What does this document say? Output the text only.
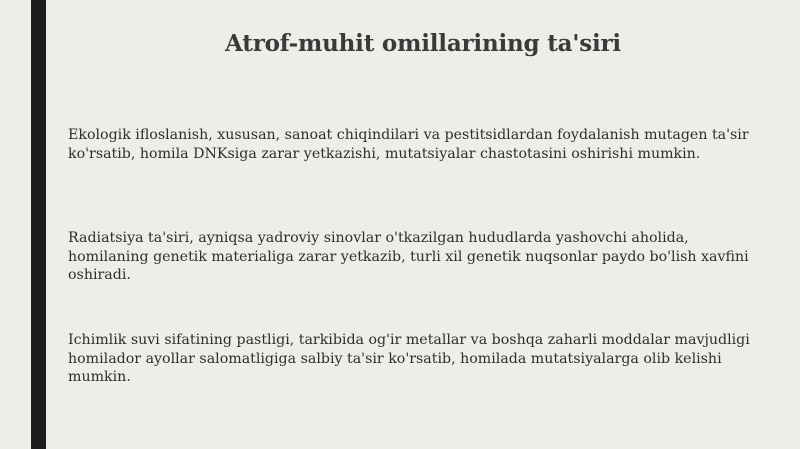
Atrof-muhit omillarining ta'siri

Ekologik ifloslanish, xususan, sanoat chiqindilari va pestitsidlardan foydalanish mutagen ta'sir ko'rsatib, homila DNKsiga zarar yetkazishi, mutatsiyalar chastotasini oshirishi mumkin.

Radiatsiya ta'siri, ayniqsa yadroviy sinovlar o'tkazilgan hududlarda yashovchi aholida, homilaning genetik materialiga zarar yetkazib, turli xil genetik nuqsonlar paydo bo'lish xavfini oshiradi.

Ichimlik suvi sifatining pastligi, tarkibida og'ir metallar va boshqa zaharli moddalar mavjudligi homilador ayollar salomatligiga salbiy ta'sir ko'rsatib, homilada mutatsiyalarga olib kelishi mumkin.
